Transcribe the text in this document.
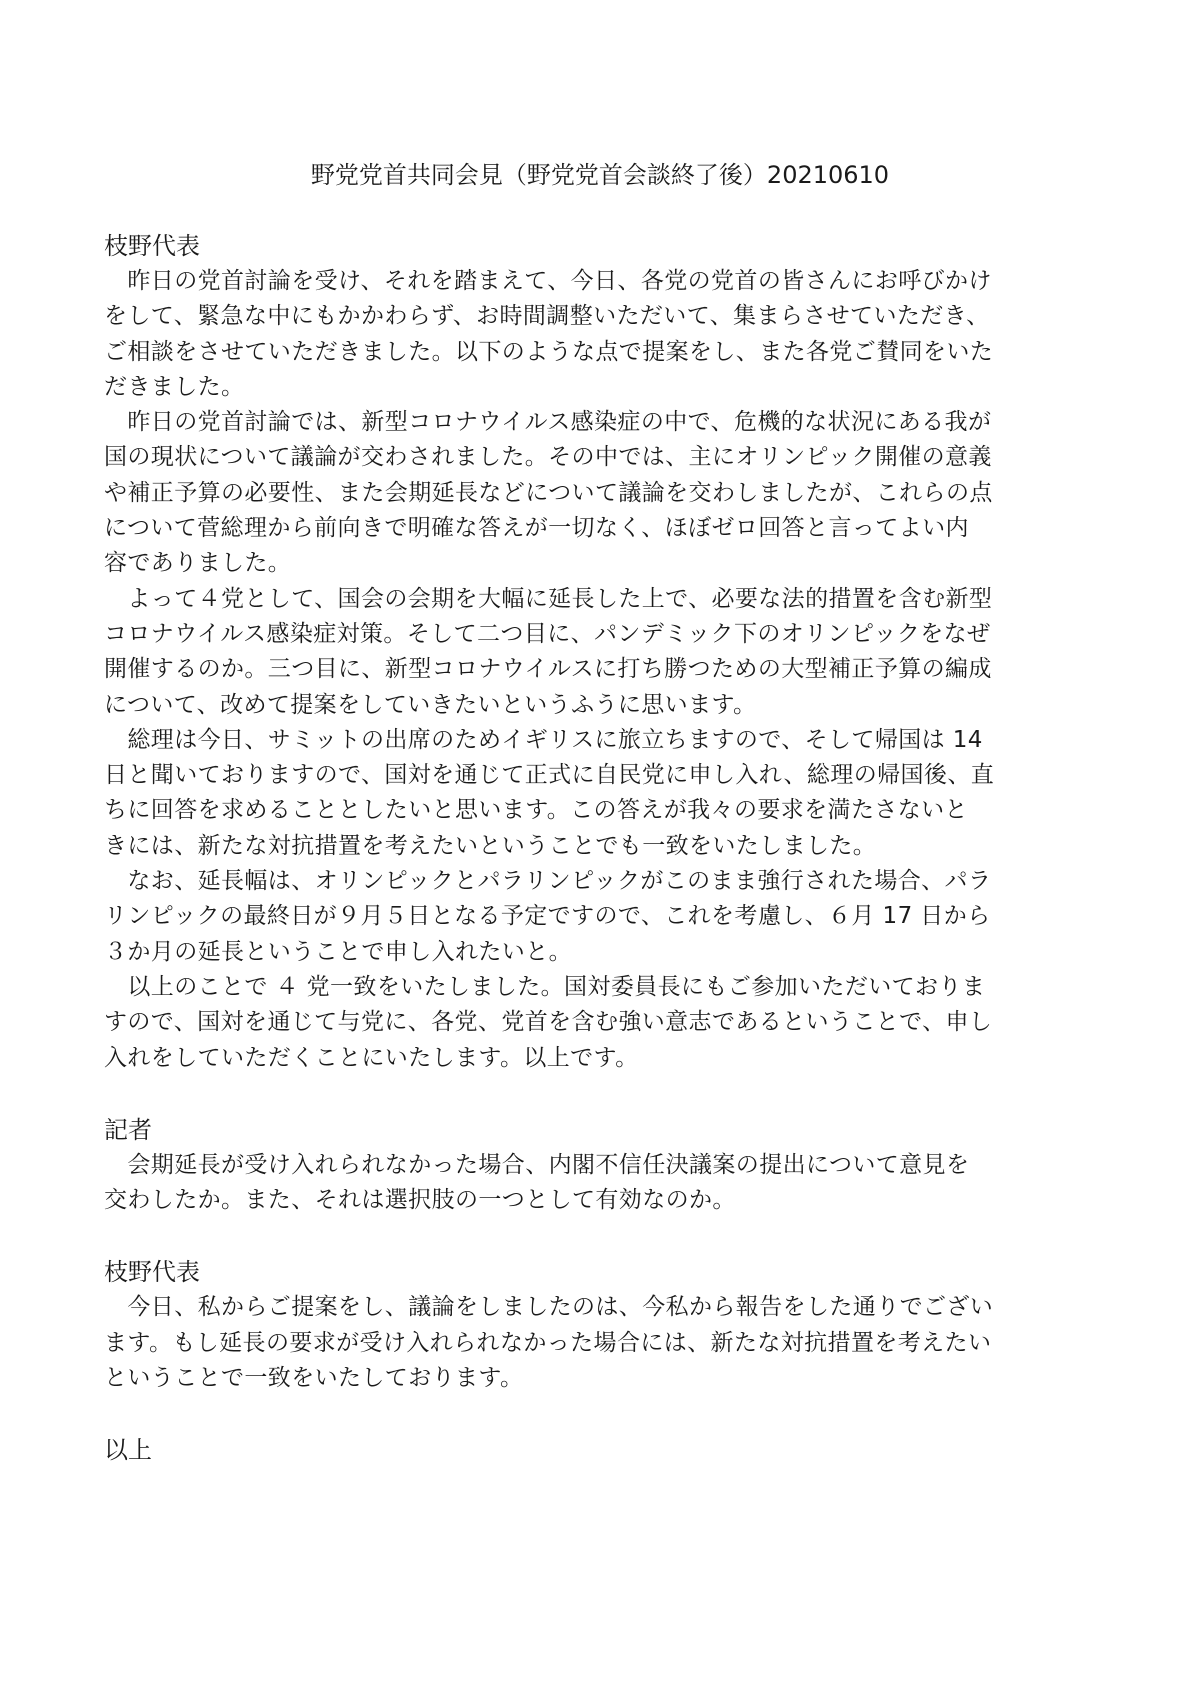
野党党首共同会見（野党党首会談終了後）20210610
枝野代表
　昨日の党首討論を受け、それを踏まえて、今日、各党の党首の皆さんにお呼びかけ
をして、緊急な中にもかかわらず、お時間調整いただいて、集まらさせていただき、
ご相談をさせていただきました。以下のような点で提案をし、また各党ご賛同をいた
だきました。
　昨日の党首討論では、新型コロナウイルス感染症の中で、危機的な状況にある我が
国の現状について議論が交わされました。その中では、主にオリンピック開催の意義
や補正予算の必要性、また会期延長などについて議論を交わしましたが、これらの点
について菅総理から前向きで明確な答えが一切なく、ほぼゼロ回答と言ってよい内
容でありました。
　よって４党として、国会の会期を大幅に延長した上で、必要な法的措置を含む新型
コロナウイルス感染症対策。そして二つ目に、パンデミック下のオリンピックをなぜ
開催するのか。三つ目に、新型コロナウイルスに打ち勝つための大型補正予算の編成
について、改めて提案をしていきたいというふうに思います。
　総理は今日、サミットの出席のためイギリスに旅立ちますので、そして帰国は 14
日と聞いておりますので、国対を通じて正式に自民党に申し入れ、総理の帰国後、直
ちに回答を求めることとしたいと思います。この答えが我々の要求を満たさないと
きには、新たな対抗措置を考えたいということでも一致をいたしました。
　なお、延長幅は、オリンピックとパラリンピックがこのまま強行された場合、パラ
リンピックの最終日が９月５日となる予定ですので、これを考慮し、６月 17 日から
３か月の延長ということで申し入れたいと。
　以上のことで ４ 党一致をいたしました。国対委員長にもご参加いただいておりま
すので、国対を通じて与党に、各党、党首を含む強い意志であるということで、申し
入れをしていただくことにいたします。以上です。
記者
　会期延長が受け入れられなかった場合、内閣不信任決議案の提出について意見を
交わしたか。また、それは選択肢の一つとして有効なのか。
枝野代表
　今日、私からご提案をし、議論をしましたのは、今私から報告をした通りでござい
ます。もし延長の要求が受け入れられなかった場合には、新たな対抗措置を考えたい
ということで一致をいたしております。
以上
